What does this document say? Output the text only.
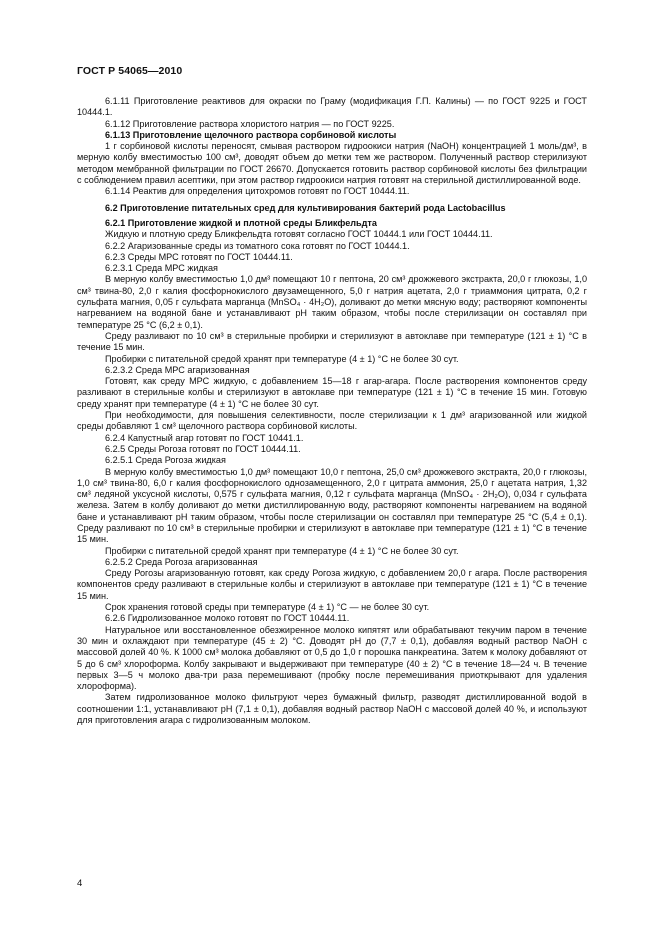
ГОСТ Р 54065—2010

6.1.11 Приготовление реактивов для окраски по Граму (модификация Г.П. Калины) — по ГОСТ 9225 и ГОСТ 10444.1.

6.1.12 Приготовление раствора хлористого натрия — по ГОСТ 9225.

6.1.13 Приготовление щелочного раствора сорбиновой кислоты

1 г сорбиновой кислоты переносят, смывая раствором гидроокиси натрия (NaOH) концентрацией 1 моль/дм³, в мерную колбу вместимостью 100 см³, доводят объем до метки тем же раствором. Полученный раствор стерилизуют методом мембранной фильтрации по ГОСТ 26670. Допускается готовить раствор сорбиновой кислоты без фильтрации с соблюдением правил асептики, при этом раствор гидроокиси натрия готовят на стерильной дистиллированной воде.

6.1.14 Реактив для определения цитохромов готовят по ГОСТ 10444.11.

6.2 Приготовление питательных сред для культивирования бактерий рода Lactobacillus

6.2.1 Приготовление жидкой и плотной среды Бликфельдта

Жидкую и плотную среду Бликфельдта готовят согласно ГОСТ 10444.1 или ГОСТ 10444.11.

6.2.2 Агаризованные среды из томатного сока готовят по ГОСТ 10444.1.

6.2.3 Среды МРС готовят по ГОСТ 10444.11.

6.2.3.1 Среда МРС жидкая

В мерную колбу вместимостью 1,0 дм³ помещают 10 г пептона, 20 см³ дрожжевого экстракта, 20,0 г глюкозы, 1,0 см³ твина-80, 2,0 г калия фосфорнокислого двузамещенного, 5,0 г натрия ацетата, 2,0 г триаммония цитрата, 0,2 г сульфата магния, 0,05 г сульфата марганца (MnSO₄ · 4H₂O), доливают до метки мясную воду; растворяют компоненты нагреванием на водяной бане и устанавливают pH таким образом, чтобы после стерилизации он составлял при температуре 25 °С (6,2 ± 0,1).

Среду разливают по 10 см³ в стерильные пробирки и стерилизуют в автоклаве при температуре (121 ± 1) °С в течение 15 мин.

Пробирки с питательной средой хранят при температуре (4 ± 1) °С не более 30 сут.

6.2.3.2 Среда МРС агаризованная

Готовят, как среду МРС жидкую, с добавлением 15—18 г агар-агара. После растворения компонентов среду разливают в стерильные колбы и стерилизуют в автоклаве при температуре (121 ± 1) °С в течение 15 мин. Готовую среду хранят при температуре (4 ± 1) °С не более 30 сут.

При необходимости, для повышения селективности, после стерилизации к 1 дм³ агаризованной или жидкой среды добавляют 1 см³ щелочного раствора сорбиновой кислоты.

6.2.4 Капустный агар готовят по ГОСТ 10441.1.

6.2.5 Среды Рогоза готовят по ГОСТ 10444.11.

6.2.5.1 Среда Рогоза жидкая

В мерную колбу вместимостью 1,0 дм³ помещают 10,0 г пептона, 25,0 см³ дрожжевого экстракта, 20,0 г глюкозы, 1,0 см³ твина-80, 6,0 г калия фосфорнокислого однозамещенного, 2,0 г цитрата аммония, 25,0 г ацетата натрия, 1,32 см³ ледяной уксусной кислоты, 0,575 г сульфата магния, 0,12 г сульфата марганца (MnSO₄ · 2H₂O), 0,034 г сульфата железа. Затем в колбу доливают до метки дистиллированную воду, растворяют компоненты нагреванием на водяной бане и устанавливают pH таким образом, чтобы после стерилизации он составлял при температуре 25 °С (5,4 ± 0,1). Среду разливают по 10 см³ в стерильные пробирки и стерилизуют в автоклаве при температуре (121 ± 1) °С в течение 15 мин.

Пробирки с питательной средой хранят при температуре (4 ± 1) °С не более 30 сут.

6.2.5.2 Среда Рогоза агаризованная

Среду Рогозы агаризованную готовят, как среду Рогоза жидкую, с добавлением 20,0 г агара. После растворения компонентов среду разливают в стерильные колбы и стерилизуют в автоклаве при температуре (121 ± 1) °С в течение 15 мин.

Срок хранения готовой среды при температуре (4 ± 1) °С — не более 30 сут.

6.2.6 Гидролизованное молоко готовят по ГОСТ 10444.11.

Натуральное или восстановленное обезжиренное молоко кипятят или обрабатывают текучим паром в течение 30 мин и охлаждают при температуре (45 ± 2) °С. Доводят pH до (7,7 ± 0,1), добавляя водный раствор NaOH с массовой долей 40 %. К 1000 см³ молока добавляют от 0,5 до 1,0 г порошка панкреатина. Затем к молоку добавляют от 5 до 6 см³ хлороформа. Колбу закрывают и выдерживают при температуре (40 ± 2) °С в течение 18—24 ч. В течение первых 3—5 ч молоко два-три раза перемешивают (пробку после перемешивания приоткрывают для удаления хлороформа).

Затем гидролизованное молоко фильтруют через бумажный фильтр, разводят дистиллированной водой в соотношении 1:1, устанавливают pH (7,1 ± 0,1), добавляя водный раствор NaOH с массовой долей 40 %, и используют для приготовления агара с гидролизованным молоком.

4
